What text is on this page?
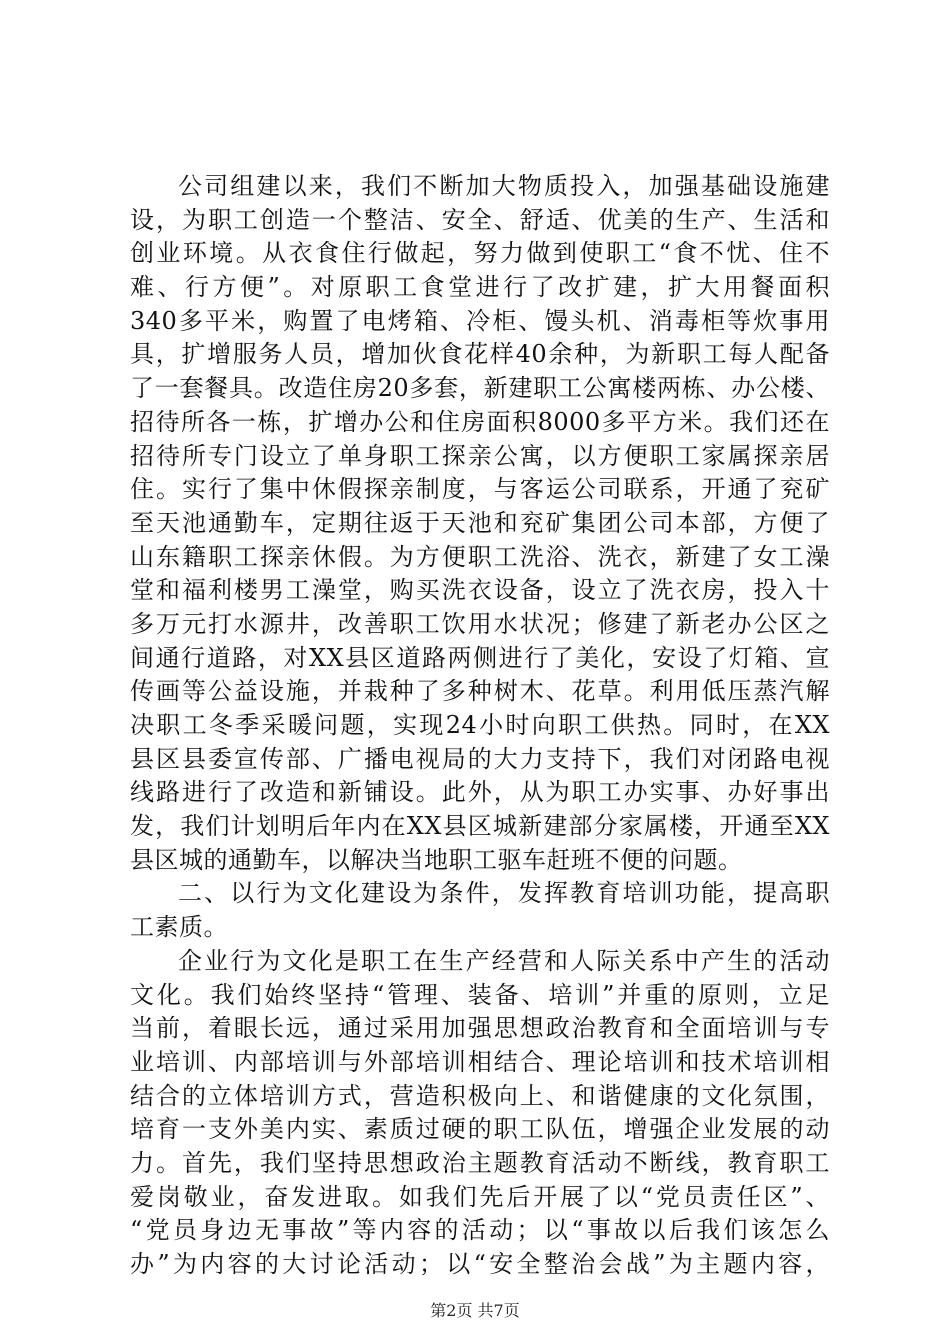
公司组建以来，我们不断加大物质投入，加强基础设施建
设，为职工创造一个整洁、安全、舒适、优美的生产、生活和
创业环境。从衣食住行做起，努力做到使职工“食不忧、住不
难、行方便”。对原职工食堂进行了改扩建，扩大用餐面积
340多平米，购置了电烤箱、冷柜、馒头机、消毒柜等炊事用
具，扩增服务人员，增加伙食花样40余种，为新职工每人配备
了一套餐具。改造住房20多套，新建职工公寓楼两栋、办公楼、
招待所各一栋，扩增办公和住房面积8000多平方米。我们还在
招待所专门设立了单身职工探亲公寓，以方便职工家属探亲居
住。实行了集中休假探亲制度，与客运公司联系，开通了兖矿
至天池通勤车，定期往返于天池和兖矿集团公司本部，方便了
山东籍职工探亲休假。为方便职工洗浴、洗衣，新建了女工澡
堂和福利楼男工澡堂，购买洗衣设备，设立了洗衣房，投入十
多万元打水源井，改善职工饮用水状况；修建了新老办公区之
间通行道路，对XX县区道路两侧进行了美化，安设了灯箱、宣
传画等公益设施，并栽种了多种树木、花草。利用低压蒸汽解
决职工冬季采暖问题，实现24小时向职工供热。同时，在XX
县区县委宣传部、广播电视局的大力支持下，我们对闭路电视
线路进行了改造和新铺设。此外，从为职工办实事、办好事出
发，我们计划明后年内在XX县区城新建部分家属楼，开通至XX
县区城的通勤车，以解决当地职工驱车赶班不便的问题。
二、以行为文化建设为条件，发挥教育培训功能，提高职
工素质。
企业行为文化是职工在生产经营和人际关系中产生的活动
文化。我们始终坚持“管理、装备、培训”并重的原则，立足
当前，着眼长远，通过采用加强思想政治教育和全面培训与专
业培训、内部培训与外部培训相结合、理论培训和技术培训相
结合的立体培训方式，营造积极向上、和谐健康的文化氛围，
培育一支外美内实、素质过硬的职工队伍，增强企业发展的动
力。首先，我们坚持思想政治主题教育活动不断线，教育职工
爱岗敬业，奋发进取。如我们先后开展了以“党员责任区”、
“党员身边无事故”等内容的活动；以“事故以后我们该怎么
办”为内容的大讨论活动；以“安全整治会战”为主题内容，
第2页 共7页
